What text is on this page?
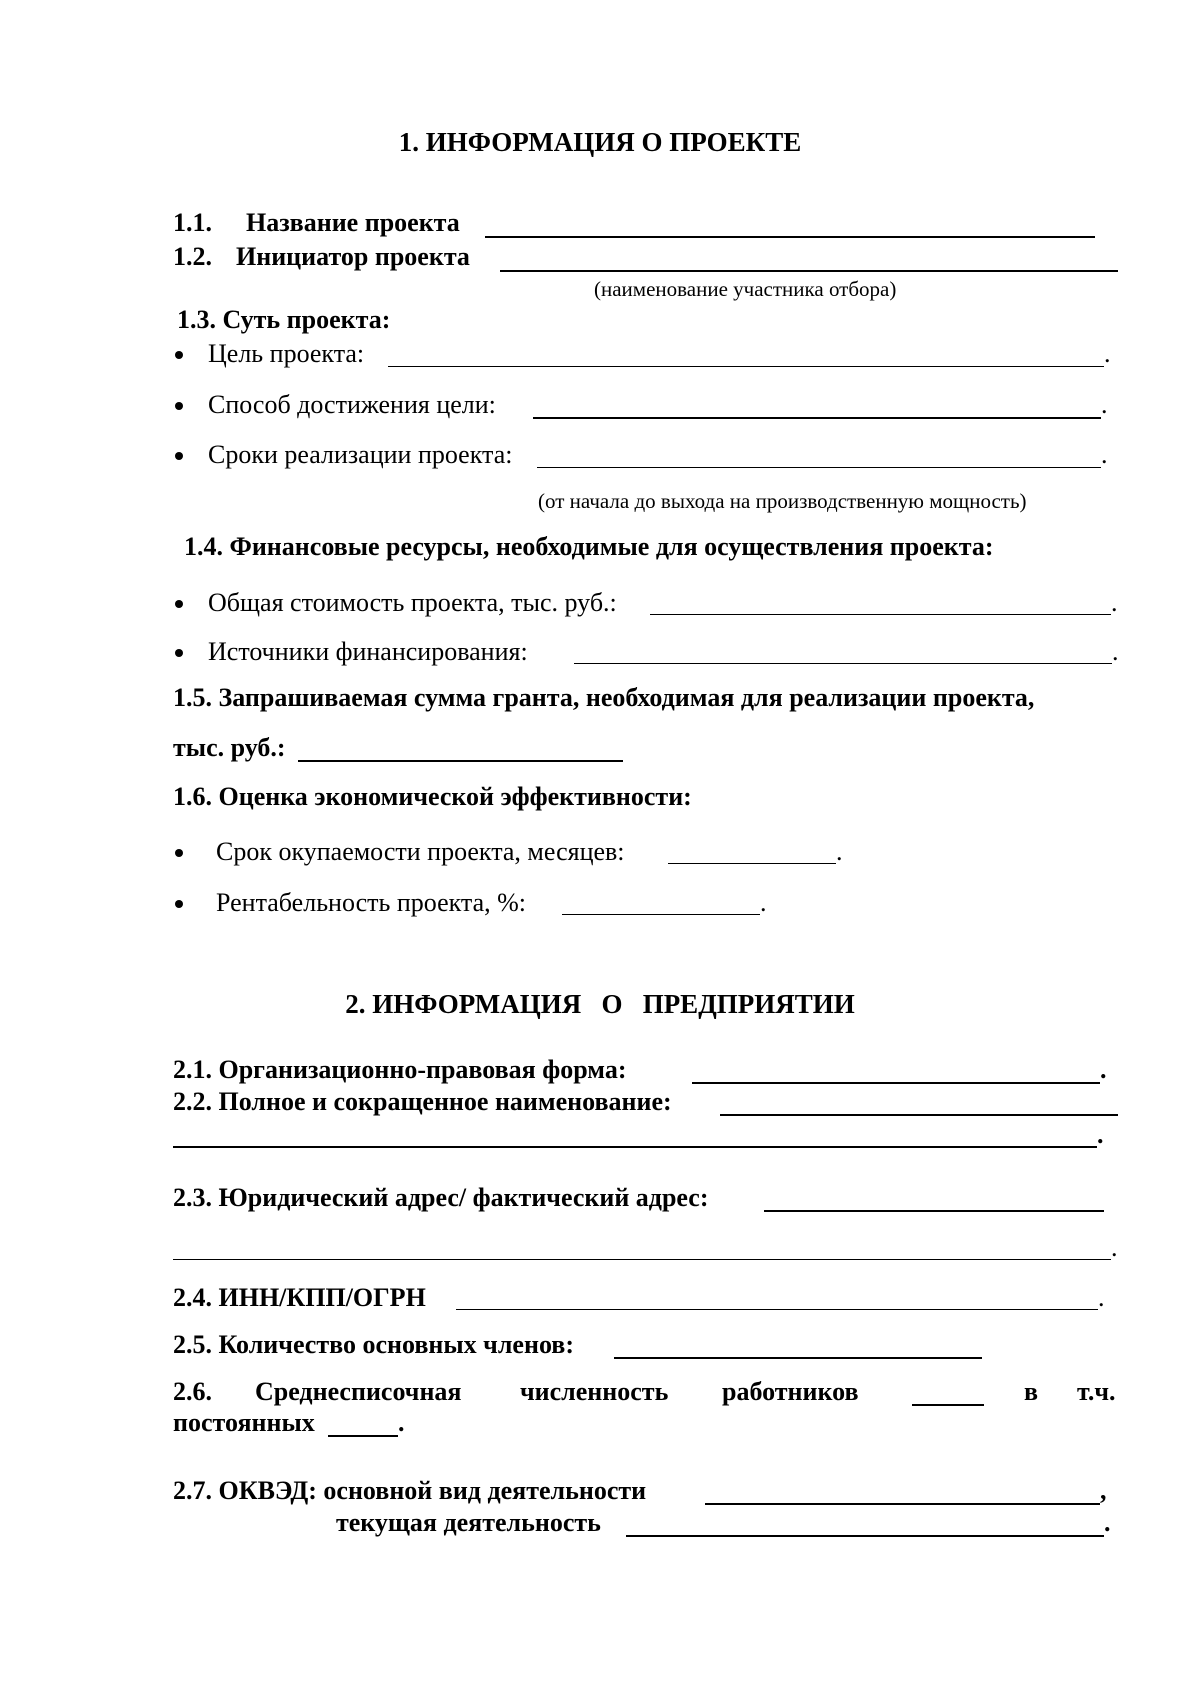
1. ИНФОРМАЦИЯ О ПРОЕКТЕ
1.1. Название проекта
1.2. Инициатор проекта
(наименование участника отбора)
1.3. Суть проекта:
Цель проекта:	.
Способ достижения цели:	.
Сроки реализации проекта:	.
(от начала до выхода на производственную мощность)
1.4. Финансовые ресурсы, необходимые для осуществления проекта:
Общая стоимость проекта, тыс. руб.:	.
Источники финансирования:	.
1.5. Запрашиваемая сумма гранта, необходимая для реализации проекта,
тыс. руб.:
1.6. Оценка экономической эффективности:
Срок окупаемости проекта, месяцев:	.
Рентабельность проекта, %:	.
2. ИНФОРМАЦИЯ   О   ПРЕДПРИЯТИИ
2.1. Организационно-правовая форма:	.
2.2. Полное и сокращенное наименование:
.
2.3. Юридический адрес/ фактический адрес:
.
2.4. ИНН/КПП/ОГРН	.
2.5. Количество основных членов:
2.6. Среднесписочная численность работников	в т.ч.
постоянных	.
2.7. ОКВЭД: основной вид деятельности	,
текущая деятельность	.
